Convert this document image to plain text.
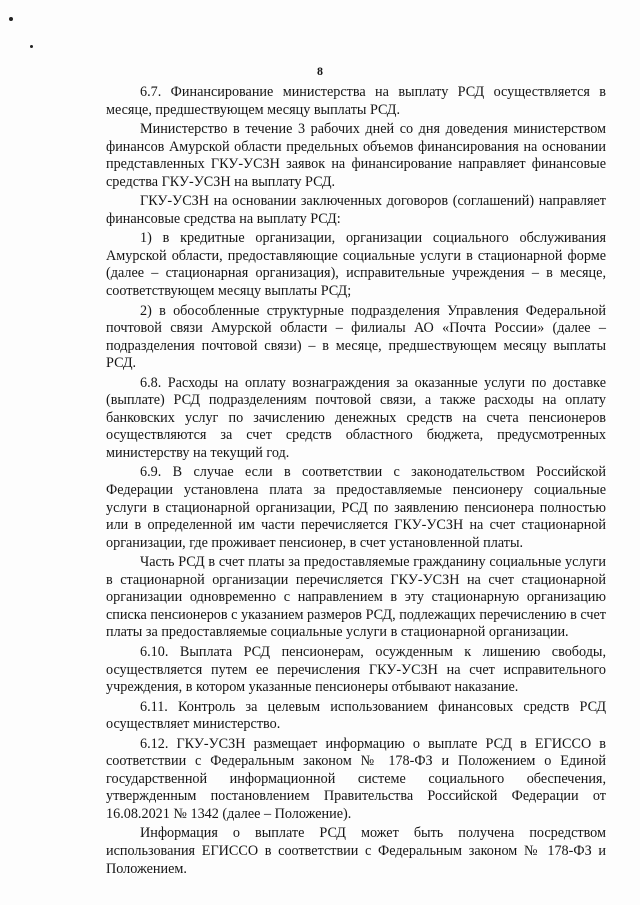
8

6.7. Финансирование министерства на выплату РСД осуществляется в месяце, предшествующем месяцу выплаты РСД.

Министерство в течение 3 рабочих дней со дня доведения министерством финансов Амурской области предельных объемов финансирования на основании представленных ГКУ-УСЗН заявок на финансирование направляет финансовые средства ГКУ-УСЗН на выплату РСД.

ГКУ-УСЗН на основании заключенных договоров (соглашений) направляет финансовые средства на выплату РСД:

1) в кредитные организации, организации социального обслуживания Амурской области, предоставляющие социальные услуги в стационарной форме (далее – стационарная организация), исправительные учреждения – в месяце, соответствующем месяцу выплаты РСД;

2) в обособленные структурные подразделения Управления Федеральной почтовой связи Амурской области – филиалы АО «Почта России» (далее – подразделения почтовой связи) – в месяце, предшествующем месяцу выплаты РСД.

6.8. Расходы на оплату вознаграждения за оказанные услуги по доставке (выплате) РСД подразделениям почтовой связи, а также расходы на оплату банковских услуг по зачислению денежных средств на счета пенсионеров осуществляются за счет средств областного бюджета, предусмотренных министерству на текущий год.

6.9. В случае если в соответствии с законодательством Российской Федерации установлена плата за предоставляемые пенсионеру социальные услуги в стационарной организации, РСД по заявлению пенсионера полностью или в определенной им части перечисляется ГКУ-УСЗН на счет стационарной организации, где проживает пенсионер, в счет установленной платы.

Часть РСД в счет платы за предоставляемые гражданину социальные услуги в стационарной организации перечисляется ГКУ-УСЗН на счет стационарной организации одновременно с направлением в эту стационарную организацию списка пенсионеров с указанием размеров РСД, подлежащих перечислению в счет платы за предоставляемые социальные услуги в стационарной организации.

6.10. Выплата РСД пенсионерам, осужденным к лишению свободы, осуществляется путем ее перечисления ГКУ-УСЗН на счет исправительного учреждения, в котором указанные пенсионеры отбывают наказание.

6.11. Контроль за целевым использованием финансовых средств РСД осуществляет министерство.

6.12. ГКУ-УСЗН размещает информацию о выплате РСД в ЕГИССО в соответствии с Федеральным законом № 178-ФЗ и Положением о Единой государственной информационной системе социального обеспечения, утвержденным постановлением Правительства Российской Федерации от 16.08.2021 № 1342 (далее – Положение).

Информация о выплате РСД может быть получена посредством использования ЕГИССО в соответствии с Федеральным законом № 178-ФЗ и Положением.
